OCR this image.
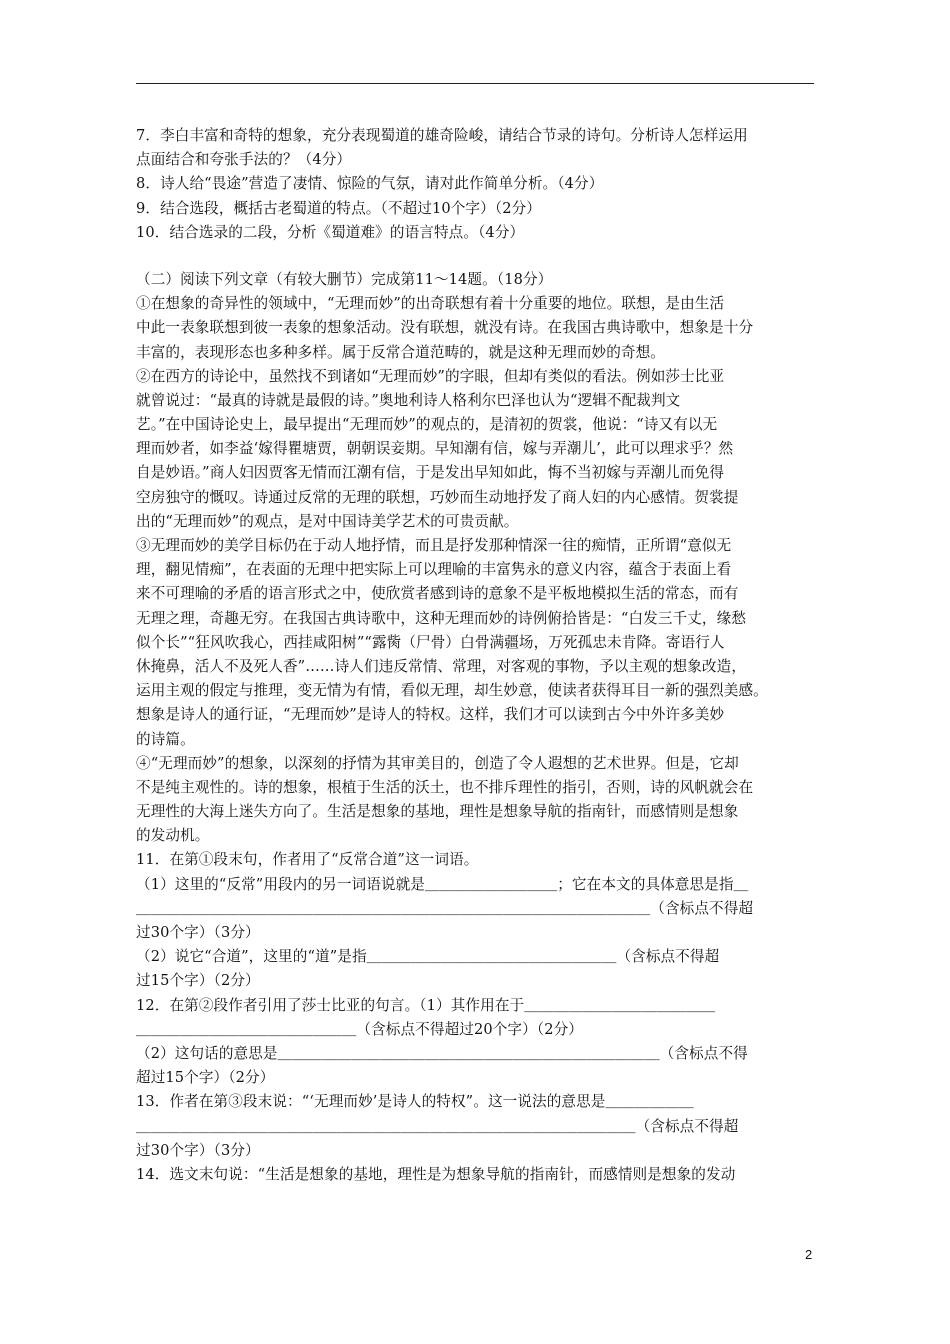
7．李白丰富和奇特的想象，充分表现蜀道的雄奇险峻，请结合节录的诗句。分析诗人怎样运用
点面结合和夸张手法的？（4分）
8．诗人给“畏途”营造了凄情、惊险的气氛，请对此作简单分析。（4分）
9．结合选段，概括古老蜀道的特点。（不超过10个字）（2分）
10．结合选录的二段，分析《蜀道难》的语言特点。（4分）
（二）阅读下列文章（有较大删节）完成第11～14题。（18分）
①在想象的奇异性的领域中，“无理而妙”的出奇联想有着十分重要的地位。联想，是由生活
中此一表象联想到彼一表象的想象活动。没有联想，就没有诗。在我国古典诗歌中，想象是十分
丰富的，表现形态也多种多样。属于反常合道范畴的，就是这种无理而妙的奇想。
②在西方的诗论中，虽然找不到诸如“无理而妙”的字眼，但却有类似的看法。例如莎士比亚
就曾说过：“最真的诗就是最假的诗。”奥地利诗人格利尔巴泽也认为“逻辑不配裁判文
艺。”在中国诗论史上，最早提出“无理而妙”的观点的，是清初的贺裳，他说：“诗又有以无
理而妙者，如李益‘嫁得瞿塘贾，朝朝误妾期。早知潮有信，嫁与弄潮儿’，此可以理求乎？然
自是妙语。”商人妇因贾客无情而江潮有信，于是发出早知如此，悔不当初嫁与弄潮儿而免得
空房独守的慨叹。诗通过反常的无理的联想，巧妙而生动地抒发了商人妇的内心感情。贺裳提
出的“无理而妙”的观点，是对中国诗美学艺术的可贵贡献。
③无理而妙的美学目标仍在于动人地抒情，而且是抒发那种情深一往的痴情，正所谓“意似无
理，翻见情痴”，在表面的无理中把实际上可以理喻的丰富隽永的意义内容，蕴含于表面上看
来不可理喻的矛盾的语言形式之中，使欣赏者感到诗的意象不是平板地模拟生活的常态，而有
无理之理，奇趣无穷。在我国古典诗歌中，这种无理而妙的诗例俯拾皆是：“白发三千丈，缘愁
似个长”“狂风吹我心，西挂咸阳树”“露胔（尸骨）白骨满疆场，万死孤忠未肯降。寄语行人
休掩鼻，活人不及死人香”……诗人们违反常情、常理，对客观的事物，予以主观的想象改造，
运用主观的假定与推理，变无情为有情，看似无理，却生妙意，使读者获得耳目一新的强烈美感。
想象是诗人的通行证，“无理而妙”是诗人的特权。这样，我们才可以读到古今中外许多美妙
的诗篇。
④“无理而妙”的想象，以深刻的抒情为其审美目的，创造了令人遐想的艺术世界。但是，它却
不是纯主观性的。诗的想象，根植于生活的沃土，也不排斥理性的指引，否则，诗的风帆就会在
无理性的大海上迷失方向了。生活是想象的基地，理性是想象导航的指南针，而感情则是想象
的发动机。
11．在第①段末句，作者用了“反常合道”这一词语。
（1）这里的“反常”用段内的另一词语说就是＿＿＿＿＿＿＿＿＿；它在本文的具体意思是指＿
＿＿＿＿＿＿＿＿＿＿＿＿＿＿＿＿＿＿＿＿＿＿＿＿＿＿＿＿＿＿＿＿＿＿＿（含标点不得超
过30个字）（3分）
（2）说它“合道”，这里的“道”是指＿＿＿＿＿＿＿＿＿＿＿＿＿＿＿＿＿（含标点不得超
过15个字）（2分）
12．在第②段作者引用了莎士比亚的句言。（1）其作用在于＿＿＿＿＿＿＿＿＿＿＿＿＿
＿＿＿＿＿＿＿＿＿＿＿＿＿＿＿（含标点不得超过20个字）（2分）
（2）这句话的意思是＿＿＿＿＿＿＿＿＿＿＿＿＿＿＿＿＿＿＿＿＿＿＿＿＿＿（含标点不得
超过15个字）（2分）
13．作者在第③段末说：“‘无理而妙’是诗人的特权”。这一说法的意思是＿＿＿＿＿＿
＿＿＿＿＿＿＿＿＿＿＿＿＿＿＿＿＿＿＿＿＿＿＿＿＿＿＿＿＿＿＿＿＿＿（含标点不得超
过30个字）（3分）
14．选文末句说：“生活是想象的基地，理性是为想象导航的指南针，而感情则是想象的发动
2
